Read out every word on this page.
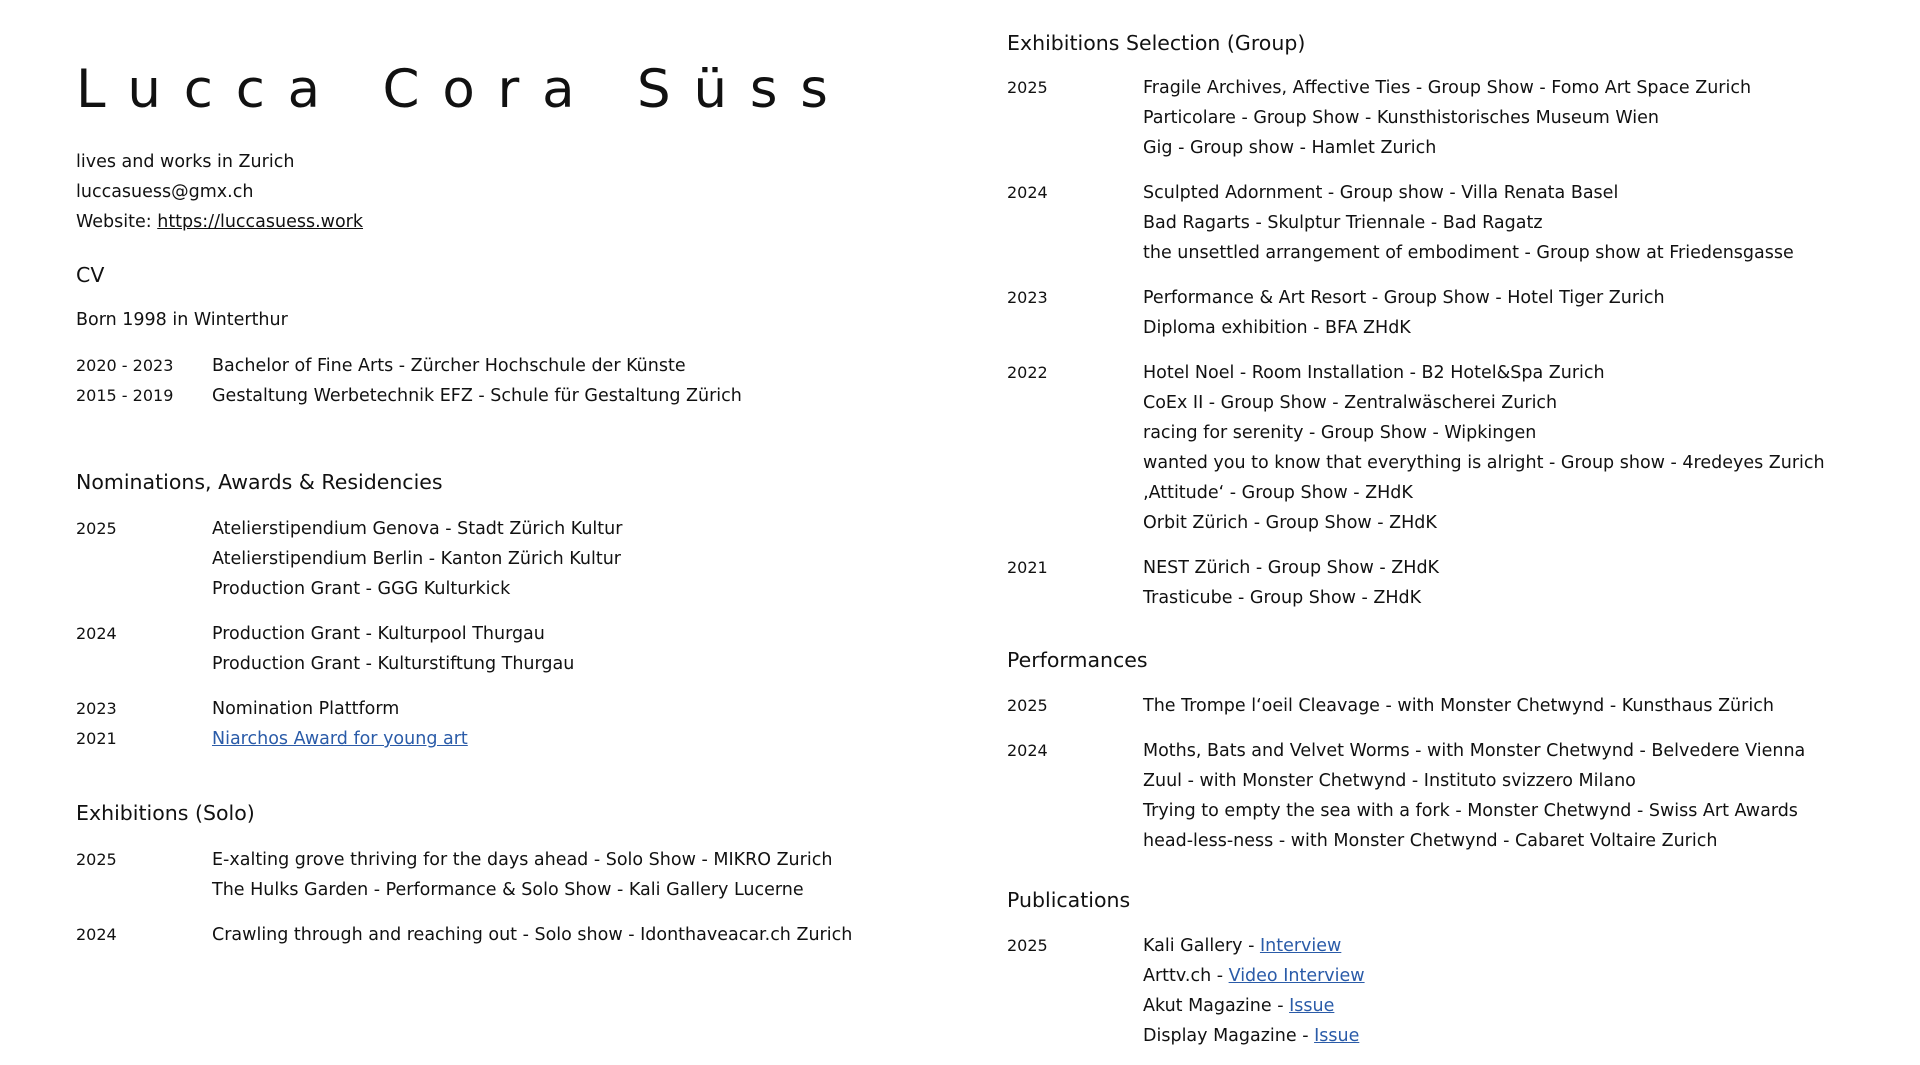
Lucca Cora Süss
lives and works in Zurich
luccasuess@gmx.ch
Website: https://luccasuess.work
CV
Born 1998 in Winterthur
2020 - 2023	Bachelor of Fine Arts - Zürcher Hochschule der Künste
2015 - 2019	Gestaltung Werbetechnik EFZ - Schule für Gestaltung Zürich
Nominations, Awards & Residencies
2025	Atelierstipendium Genova - Stadt Zürich Kultur
Atelierstipendium Berlin - Kanton Zürich Kultur
Production Grant - GGG Kulturkick
2024	Production Grant - Kulturpool Thurgau
Production Grant - Kulturstiftung Thurgau
2023	Nomination Plattform
2021	Niarchos Award for young art
Exhibitions (Solo)
2025	E-xalting grove thriving for the days ahead - Solo Show - MIKRO Zurich
The Hulks Garden - Performance & Solo Show - Kali Gallery Lucerne
2024	Crawling through and reaching out - Solo show - Idonthaveacar.ch Zurich
Exhibitions Selection (Group)
2025	Fragile Archives, Affective Ties - Group Show - Fomo Art Space Zurich
Particolare - Group Show - Kunsthistorisches Museum Wien
Gig - Group show - Hamlet Zurich
2024	Sculpted Adornment - Group show - Villa Renata Basel
Bad Ragarts - Skulptur Triennale - Bad Ragatz
the unsettled arrangement of embodiment - Group show at Friedensgasse
2023	Performance & Art Resort - Group Show - Hotel Tiger Zurich
Diploma exhibition - BFA ZHdK
2022	Hotel Noel - Room Installation - B2 Hotel&Spa Zurich
CoEx II - Group Show - Zentralwäscherei Zurich
racing for serenity - Group Show - Wipkingen
wanted you to know that everything is alright - Group show - 4redeyes Zurich
‚Attitude‘ - Group Show - ZHdK
Orbit Zürich - Group Show - ZHdK
2021	NEST Zürich - Group Show - ZHdK
Trasticube - Group Show - ZHdK
Performances
2025	The Trompe l‘oeil Cleavage - with Monster Chetwynd - Kunsthaus Zürich
2024	Moths, Bats and Velvet Worms - with Monster Chetwynd - Belvedere Vienna
Zuul - with Monster Chetwynd - Instituto svizzero Milano
Trying to empty the sea with a fork - Monster Chetwynd - Swiss Art Awards
head-less-ness - with Monster Chetwynd - Cabaret Voltaire Zurich
Publications
2025	Kali Gallery - Interview
Arttv.ch - Video Interview
Akut Magazine - Issue
Display Magazine - Issue
